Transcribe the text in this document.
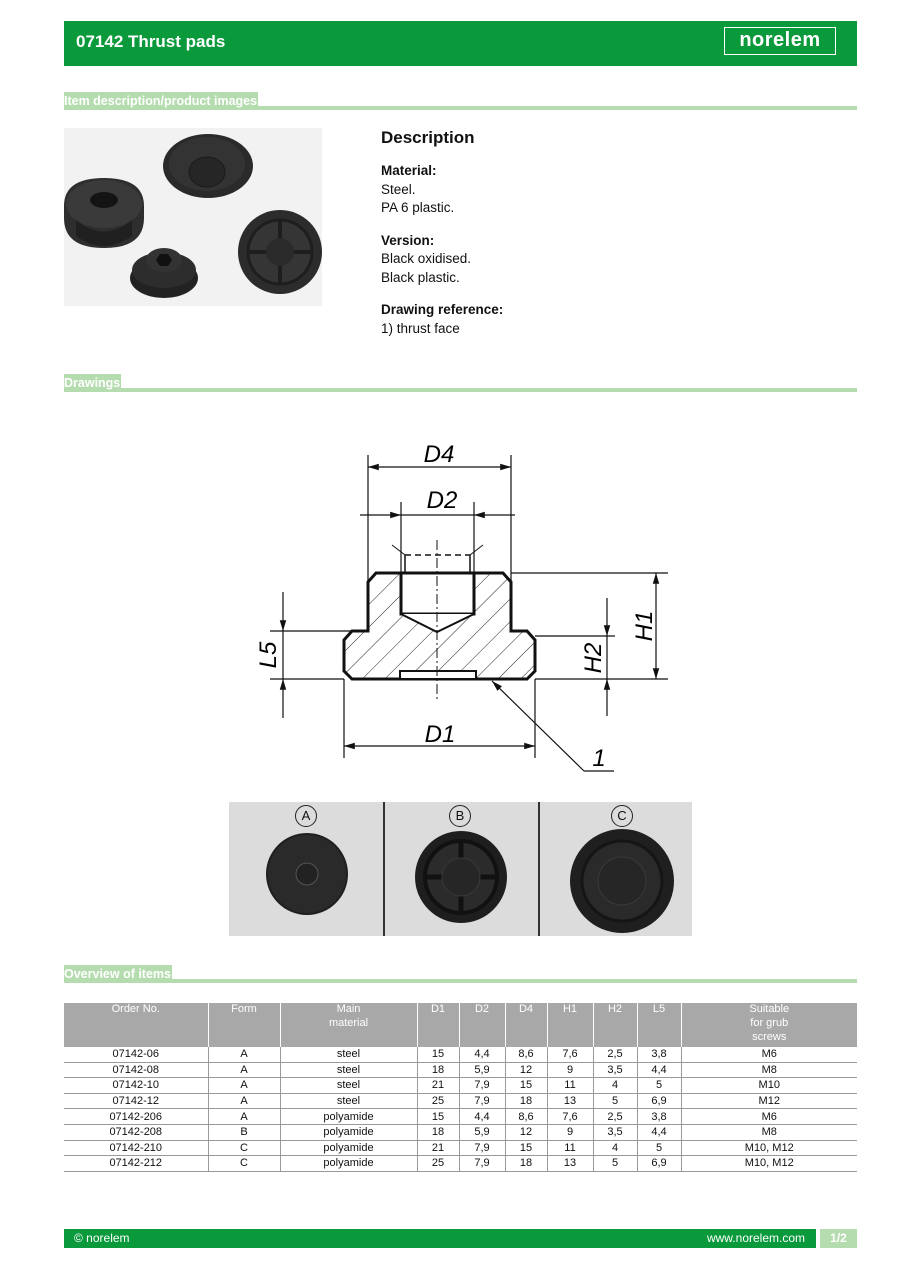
07142 Thrust pads	norelem
Item description/product images
Description
Material:
Steel.
PA 6 plastic.
Version:
Black oxidised.
Black plastic.
Drawing reference:
1) thrust face
Drawings
D4
D2
H1
H2
L5
D1
1
A	B	C
Overview of items
Order No.	Form	Main material	D1	D2	D4	H1	H2	L5	Suitable for grub screws
07142-06	A	steel	15	4,4	8,6	7,6	2,5	3,8	M6
07142-08	A	steel	18	5,9	12	9	3,5	4,4	M8
07142-10	A	steel	21	7,9	15	11	4	5	M10
07142-12	A	steel	25	7,9	18	13	5	6,9	M12
07142-206	A	polyamide	15	4,4	8,6	7,6	2,5	3,8	M6
07142-208	B	polyamide	18	5,9	12	9	3,5	4,4	M8
07142-210	C	polyamide	21	7,9	15	11	4	5	M10, M12
07142-212	C	polyamide	25	7,9	18	13	5	6,9	M10, M12
© norelem	www.norelem.com	1/2
